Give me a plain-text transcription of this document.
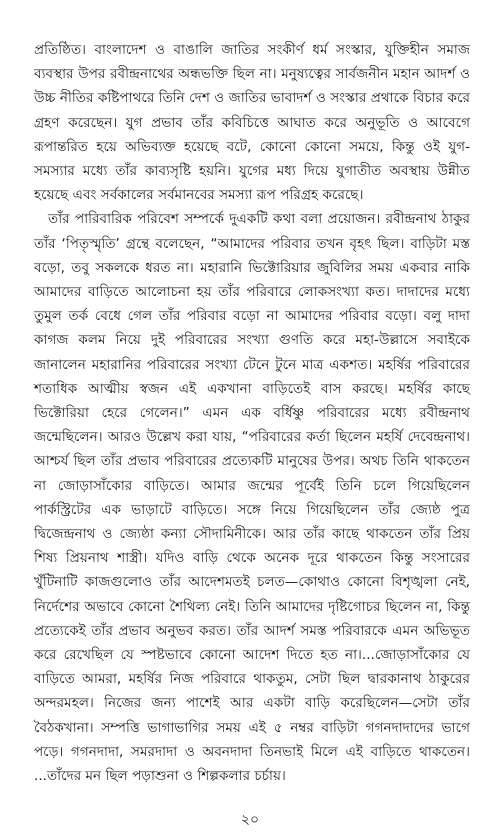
প্রতিষ্ঠিত। বাংলাদেশ ও বাঙালি জাতির সংকীর্ণ ধর্ম সংস্কার, যুক্তিহীন সমাজ ব্যবস্থার উপর রবীন্দ্রনাথের অন্ধভক্তি ছিল না। মনুষ্যত্বের সার্বজনীন মহান আদর্শ ও উচ্চ নীতির কষ্টিপাথরে তিনি দেশ ও জাতির ভাবাদর্শ ও সংস্কার প্রথাকে বিচার করে গ্রহণ করেছেন। যুগ প্রভাব তাঁর কবিচিত্তে আঘাত করে অনুভূতি ও আবেগে রূপান্তরিত হয়ে অভিব্যক্ত হয়েছে বটে, কোনো কোনো সময়ে, কিন্তু ওই যুগ-সমস্যার মধ্যে তাঁর কাব্যসৃষ্টি হয়নি। যুগের মধ্য দিয়ে যুগাতীত অবস্থায় উন্নীত হয়েছে এবং সর্বকালের সর্বমানবের সমস্যা রূপ পরিগ্রহ করেছে।

তাঁর পারিবারিক পরিবেশ সম্পর্কে দুএকটি কথা বলা প্রয়োজন। রবীন্দ্রনাথ ঠাকুর তাঁর ‘পিতৃস্মৃতি’ গ্রন্থে বলেছেন, “আমাদের পরিবার তখন বৃহৎ ছিল। বাড়িটা মস্ত বড়ো, তবু সকলকে ধরত না। মহারানি ভিক্টোরিয়ার জুবিলির সময় একবার নাকি আমাদের বাড়িতে আলোচনা হয় তাঁর পরিবারে লোকসংখ্যা কত। দাদাদের মধ্যে তুমুল তর্ক বেধে গেল তাঁর পরিবার বড়ো না আমাদের পরিবার বড়ো। বলু দাদা কাগজ কলম নিয়ে দুই পরিবারের সংখ্যা গুণতি করে মহা-উল্লাসে সবাইকে জানালেন মহারানির পরিবারের সংখ্যা টেনে টুনে মাত্র একশত। মহর্ষির পরিবারের শতাধিক আত্মীয় স্বজন এই একখানা বাড়িতেই বাস করছে। মহর্ষির কাছে ভিক্টোরিয়া হেরে গেলেন।” এমন এক বর্ধিষ্ণু পরিবারের মধ্যে রবীন্দ্রনাথ জন্মেছিলেন। আরও উল্লেখ করা যায়, “পরিবারের কর্তা ছিলেন মহর্ষি দেবেন্দ্রনাথ। আশ্চর্য ছিল তাঁর প্রভাব পরিবারের প্রত্যেকটি মানুষের উপর। অথচ তিনি থাকতেন না জোড়াসাঁকোর বাড়িতে। আমার জন্মের পূর্বেই তিনি চলে গিয়েছিলেন পার্কস্ট্রিটের এক ভাড়াটে বাড়িতে। সঙ্গে নিয়ে গিয়েছিলেন তাঁর জ্যেষ্ঠ পুত্র দ্বিজেন্দ্রনাথ ও জ্যেষ্ঠা কন্যা সৌদামিনীকে। আর তাঁর কাছে থাকতেন তাঁর প্রিয় শিষ্য প্রিয়নাথ শাস্ত্রী। যদিও বাড়ি থেকে অনেক দূরে থাকতেন কিন্তু সংসারের খুঁটিনাটি কাজগুলোও তাঁর আদেশমতই চলত—কোথাও কোনো বিশৃঙ্খলা নেই, নির্দেশের অভাবে কোনো শৈথিল্য নেই। তিনি আমাদের দৃষ্টিগোচর ছিলেন না, কিন্তু প্রত্যেকেই তাঁর প্রভাব অনুভব করত। তাঁর আদর্শ সমস্ত পরিবারকে এমন অভিভূত করে রেখেছিল যে স্পষ্টভাবে কোনো আদেশ দিতে হত না।...জোড়াসাঁকোর যে বাড়িতে আমরা, মহর্ষির নিজ পরিবারে থাকতুম, সেটা ছিল দ্বারকানাথ ঠাকুরের অন্দরমহল। নিজের জন্য পাশেই আর একটা বাড়ি করেছিলেন—সেটা তাঁর বৈঠকখানা। সম্পত্তি ভাগাভাগির সময় এই ৫ নম্বর বাড়িটা গগনদাদাদের ভাগে পড়ে। গগনদাদা, সমরদাদা ও অবনদাদা তিনভাই মিলে এই বাড়িতে থাকতেন। ...তাঁদের মন ছিল পড়াশুনা ও শিল্পকলার চর্চায়।

২০
